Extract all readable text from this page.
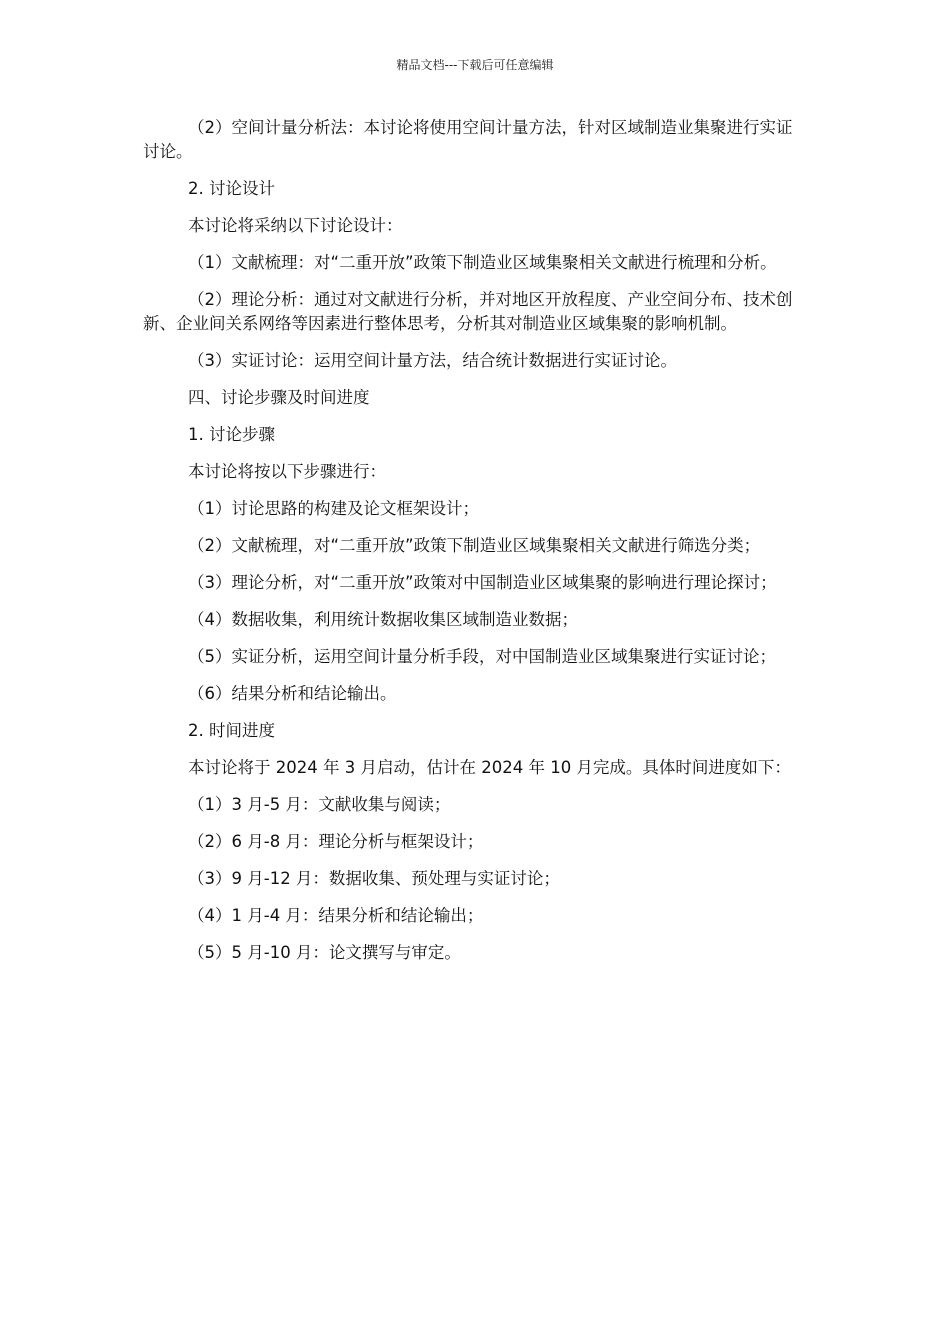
精品文档---下载后可任意编辑

（2）空间计量分析法：本讨论将使用空间计量方法，针对区域制造业集聚进行实证讨论。

2. 讨论设计

本讨论将采纳以下讨论设计：

（1）文献梳理：对“二重开放”政策下制造业区域集聚相关文献进行梳理和分析。

（2）理论分析：通过对文献进行分析，并对地区开放程度、产业空间分布、技术创新、企业间关系网络等因素进行整体思考，分析其对制造业区域集聚的影响机制。

（3）实证讨论：运用空间计量方法，结合统计数据进行实证讨论。

四、讨论步骤及时间进度

1. 讨论步骤

本讨论将按以下步骤进行：

（1）讨论思路的构建及论文框架设计；

（2）文献梳理，对“二重开放”政策下制造业区域集聚相关文献进行筛选分类；

（3）理论分析，对“二重开放”政策对中国制造业区域集聚的影响进行理论探讨；

（4）数据收集，利用统计数据收集区域制造业数据；

（5）实证分析，运用空间计量分析手段，对中国制造业区域集聚进行实证讨论；

（6）结果分析和结论输出。

2. 时间进度

本讨论将于 2024 年 3 月启动，估计在 2024 年 10 月完成。具体时间进度如下：

（1）3 月-5 月：文献收集与阅读；

（2）6 月-8 月：理论分析与框架设计；

（3）9 月-12 月：数据收集、预处理与实证讨论；

（4）1 月-4 月：结果分析和结论输出；

（5）5 月-10 月：论文撰写与审定。
